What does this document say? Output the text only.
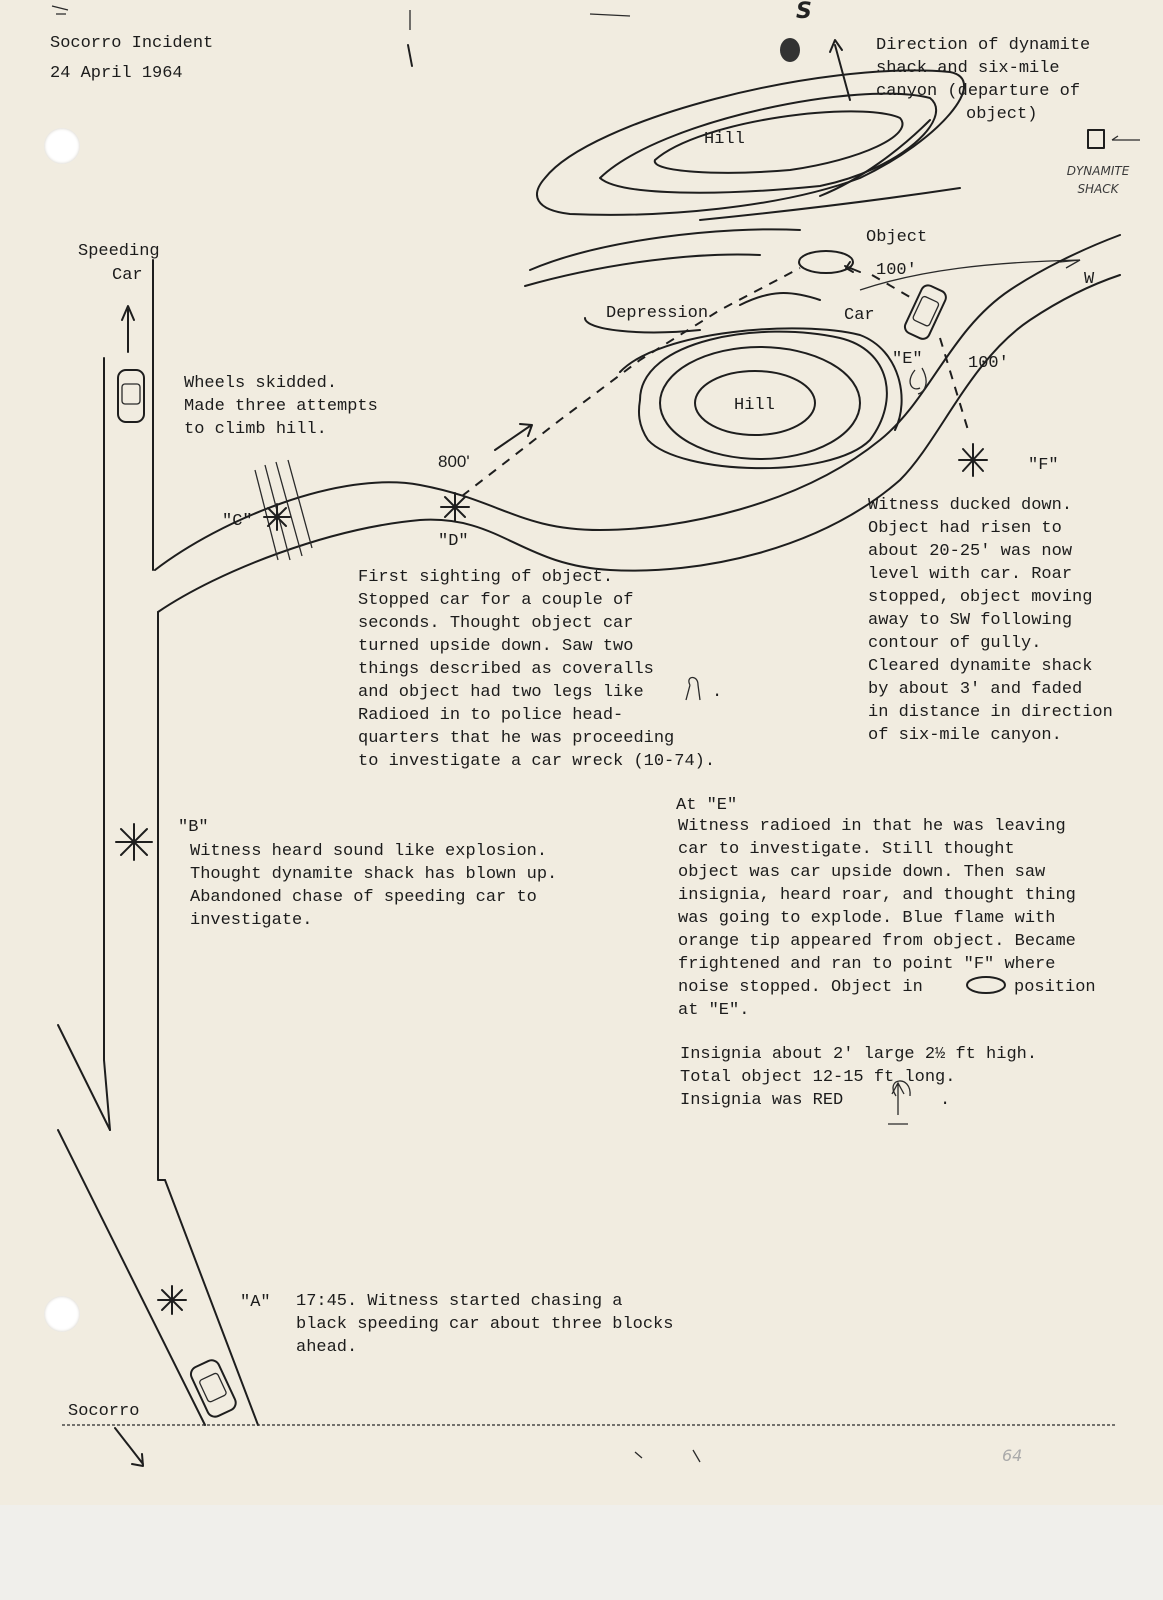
Socorro Incident
24 April 1964
S
DYNAMITE SHACK
64
Direction of dynamite
shack and six-mile
canyon (departure of
object)
Hill
Object
100'	W
Depression	Car
"E"	100'
Hill
"F"
800'
"C"
"D"
Speeding
Car
"B"
"A"
Socorro
Wheels skidded.
Made three attempts
to climb hill.
First sighting of object.
Stopped car for a couple of
seconds. Thought object car
turned upside down. Saw two
things described as coveralls
and object had two legs like	.
Radioed in to police head-
quarters that he was proceeding
to investigate a car wreck (10-74).
Witness ducked down.
Object had risen to
about 20-25' was now
level with car. Roar
stopped, object moving
away to SW following
contour of gully.
Cleared dynamite shack
by about 3' and faded
in distance in direction
of six-mile canyon.
At "E"
Witness radioed in that he was leaving
car to investigate. Still thought
object was car upside down. Then saw
insignia, heard roar, and thought thing
was going to explode. Blue flame with
orange tip appeared from object. Became
frightened and ran to point "F" where
noise stopped. Object in	position
at "E".
Insignia about 2' large 2½ ft high.
Total object 12-15 ft long.
Insignia was RED	.
Witness heard sound like explosion.
Thought dynamite shack has blown up.
Abandoned chase of speeding car to
investigate.
17:45. Witness started chasing a
black speeding car about three blocks
ahead.
